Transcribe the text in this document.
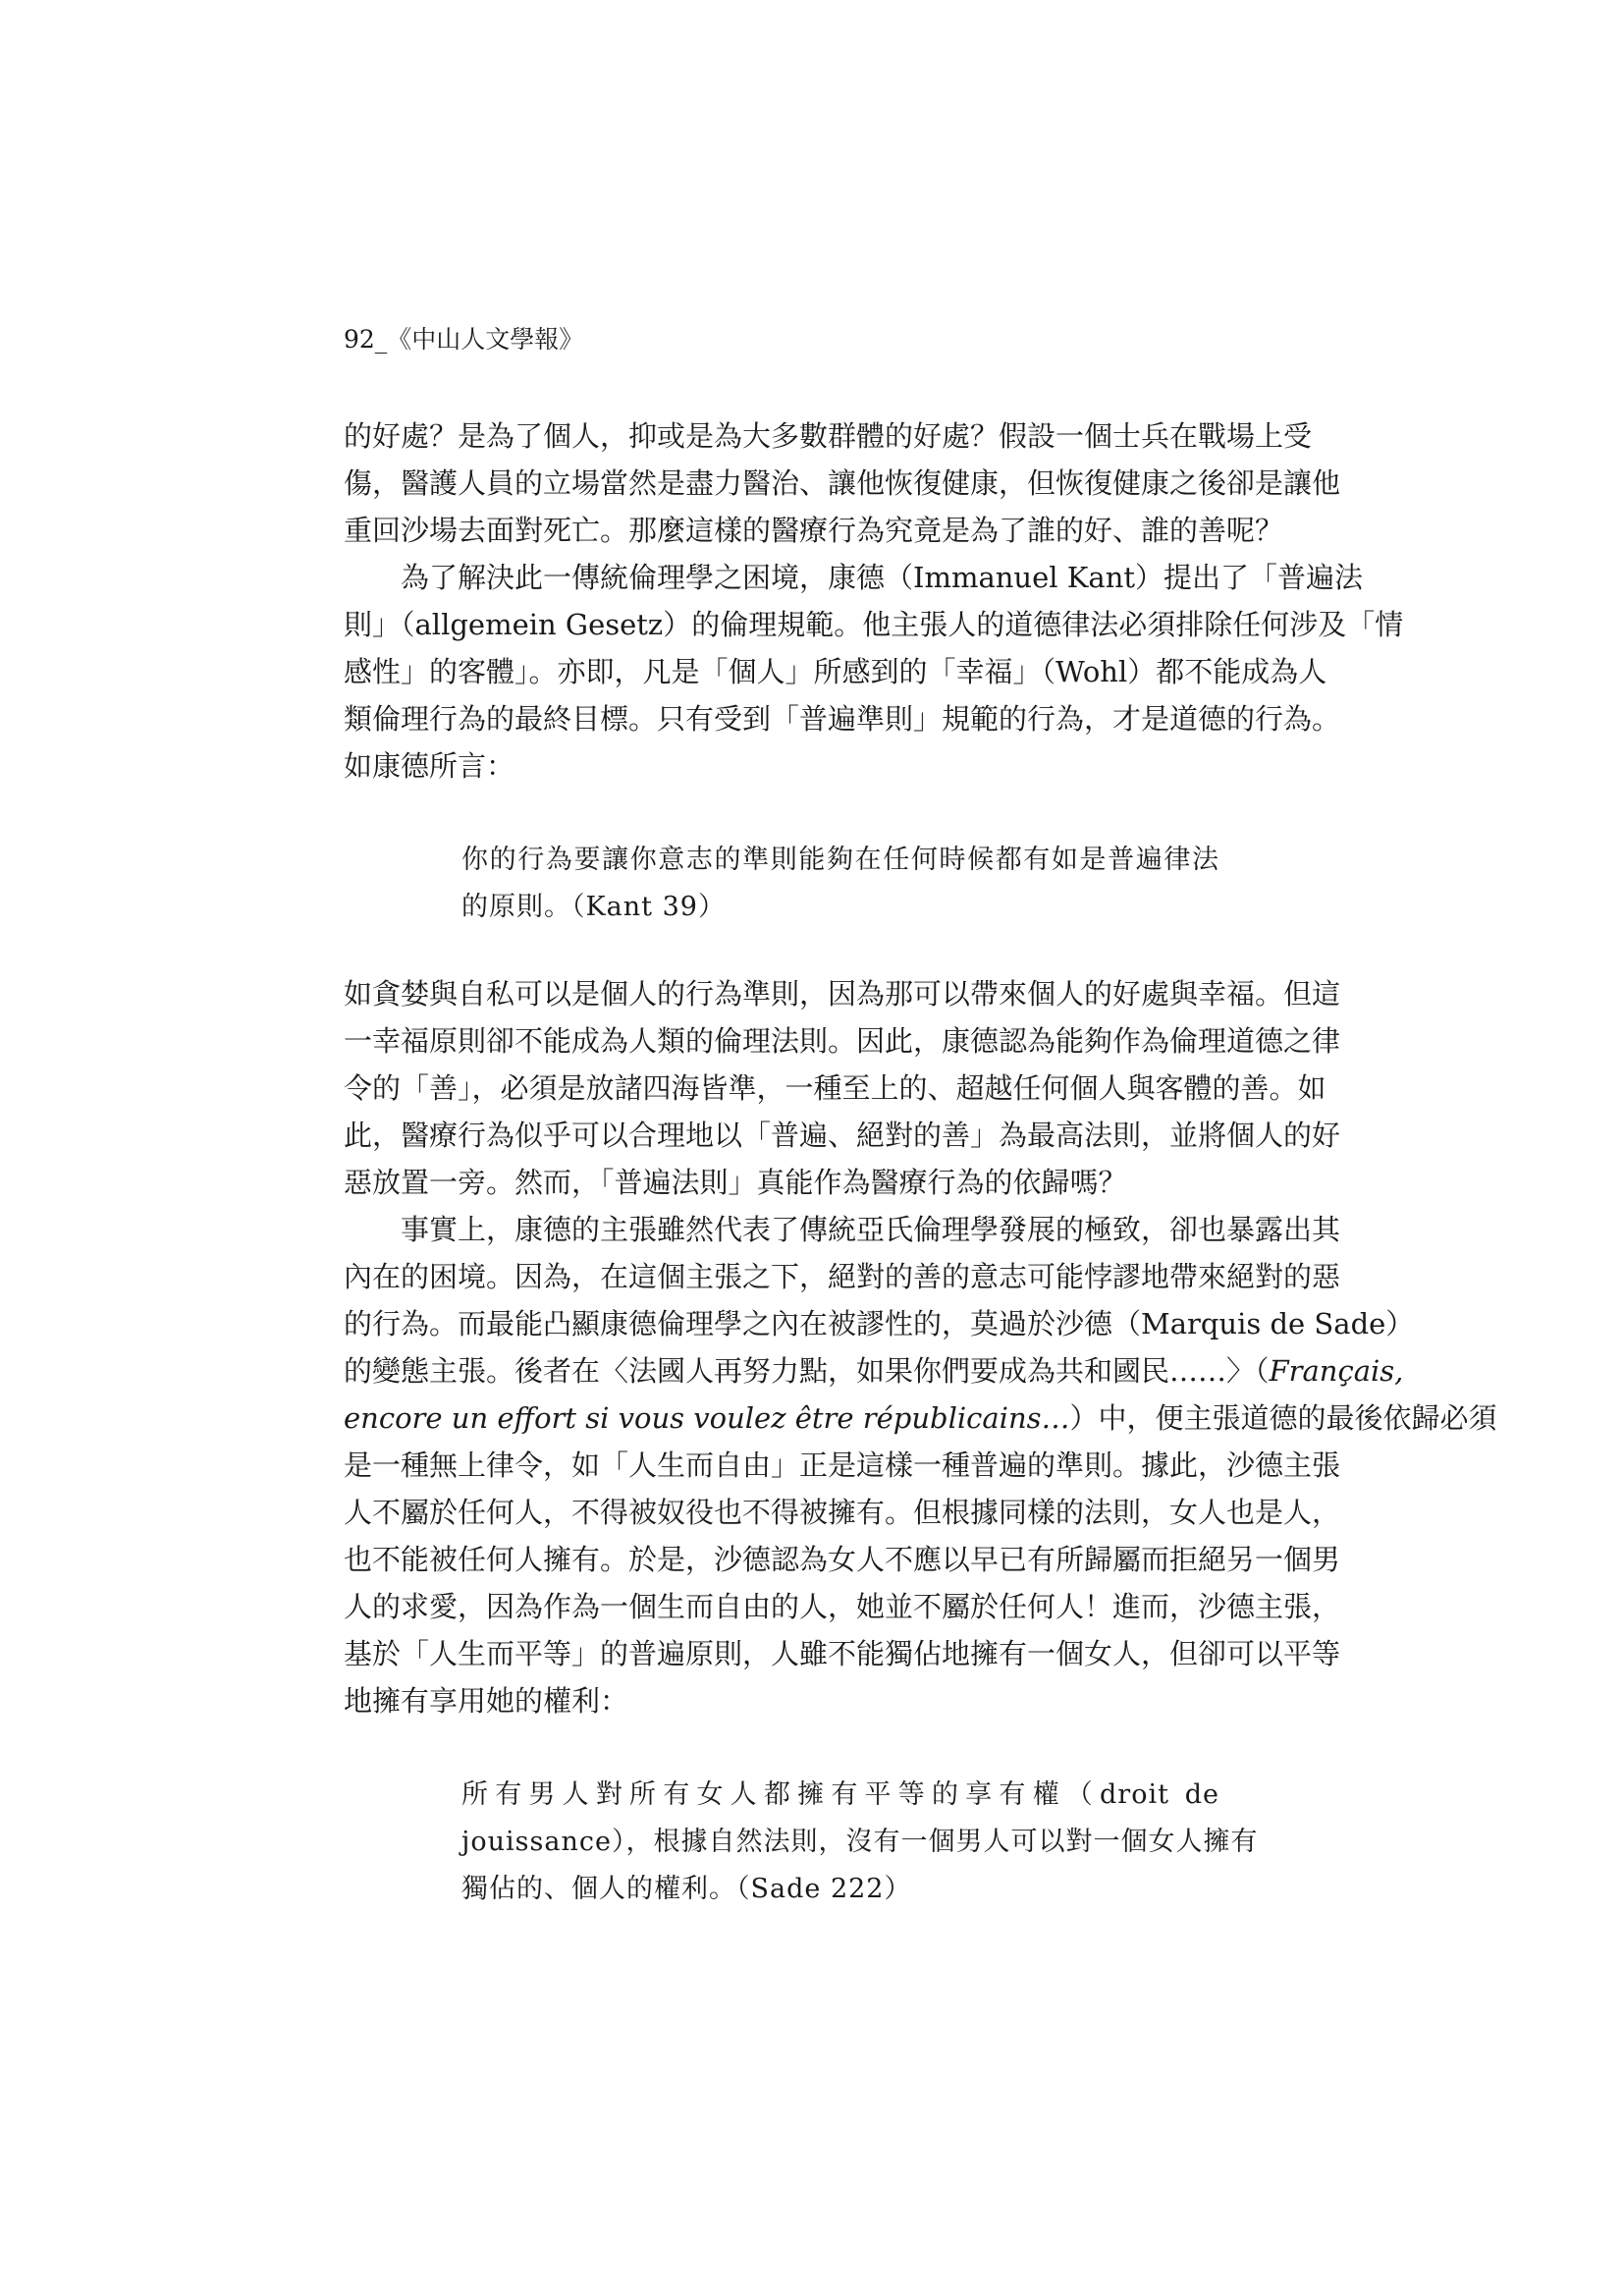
92_《中山人文學報》
的好處？是為了個人，抑或是為大多數群體的好處？假設一個士兵在戰場上受
傷，醫護人員的立場當然是盡力醫治、讓他恢復健康，但恢復健康之後卻是讓他
重回沙場去面對死亡。那麼這樣的醫療行為究竟是為了誰的好、誰的善呢？
　　為了解決此一傳統倫理學之困境，康德（Immanuel Kant）提出了「普遍法
則」（allgemein Gesetz）的倫理規範。他主張人的道德律法必須排除任何涉及「情
感性」的客體」。亦即，凡是「個人」所感到的「幸福」（Wohl）都不能成為人
類倫理行為的最終目標。只有受到「普遍準則」規範的行為，才是道德的行為。
如康德所言：
你的行為要讓你意志的準則能夠在任何時候都有如是普遍律法
的原則。（Kant 39）
如貪婪與自私可以是個人的行為準則，因為那可以帶來個人的好處與幸福。但這
一幸福原則卻不能成為人類的倫理法則。因此，康德認為能夠作為倫理道德之律
令的「善」，必須是放諸四海皆準，一種至上的、超越任何個人與客體的善。如
此，醫療行為似乎可以合理地以「普遍、絕對的善」為最高法則，並將個人的好
惡放置一旁。然而，「普遍法則」真能作為醫療行為的依歸嗎？
　　事實上，康德的主張雖然代表了傳統亞氏倫理學發展的極致，卻也暴露出其
內在的困境。因為，在這個主張之下，絕對的善的意志可能悖謬地帶來絕對的惡
的行為。而最能凸顯康德倫理學之內在被謬性的，莫過於沙德（Marquis de Sade）
的變態主張。後者在〈法國人再努力點，如果你們要成為共和國民……〉（Français,
encore un effort si vous voulez être républicains…）中，便主張道德的最後依歸必須
是一種無上律令，如「人生而自由」正是這樣一種普遍的準則。據此，沙德主張
人不屬於任何人，不得被奴役也不得被擁有。但根據同樣的法則，女人也是人，
也不能被任何人擁有。於是，沙德認為女人不應以早已有所歸屬而拒絕另一個男
人的求愛，因為作為一個生而自由的人，她並不屬於任何人！進而，沙德主張，
基於「人生而平等」的普遍原則，人雖不能獨佔地擁有一個女人，但卻可以平等
地擁有享用她的權利：
所有男人對所有女人都擁有平等的享有權（droit de
jouissance），根據自然法則，沒有一個男人可以對一個女人擁有
獨佔的、個人的權利。（Sade 222）
